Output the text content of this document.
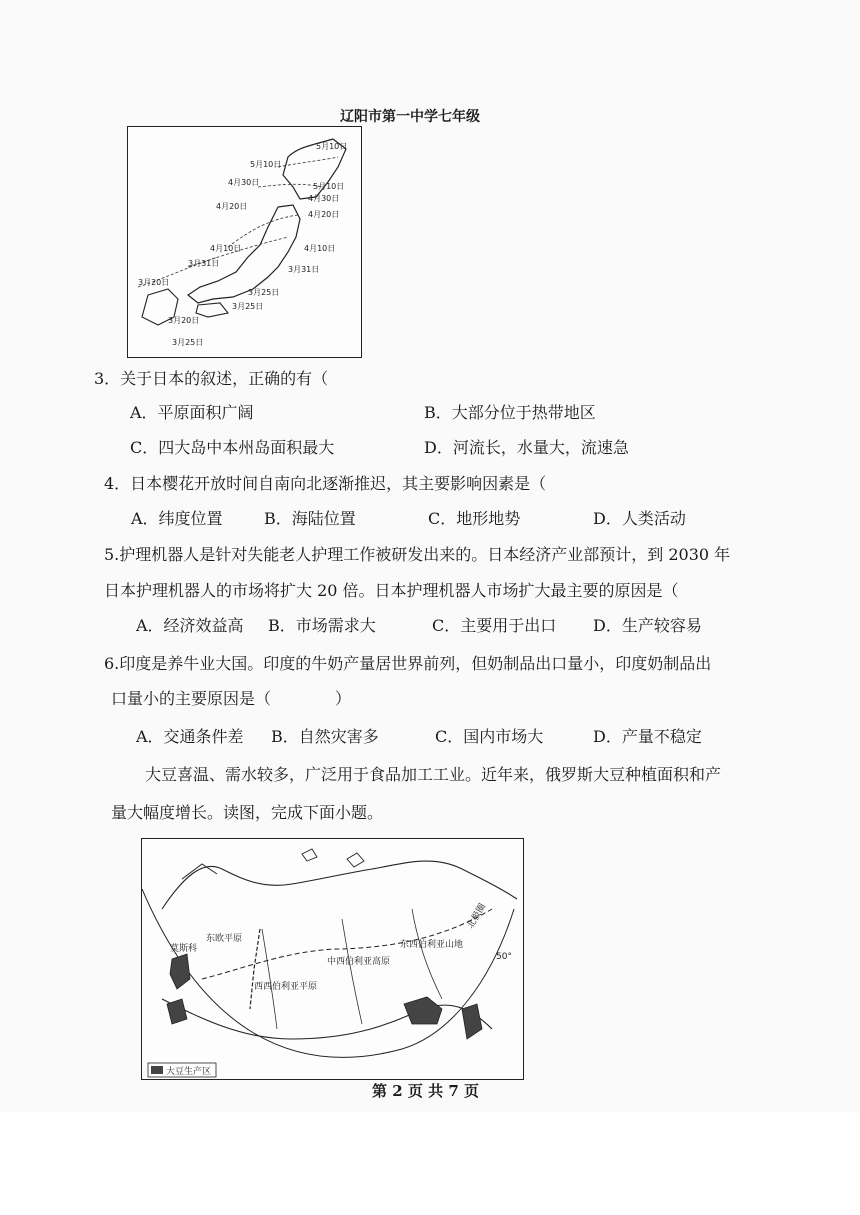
辽阳市第一中学七年级
5月10日
5月10日
4月30日	5月10日
4月30日
4月20日
4月20日
4月10日	4月10日
3月31日
3月31日
3月20日
3月25日
3月25日
3月20日
3月25日
3．关于日本的叙述，正确的有（
A．平原面积广阔	B．大部分位于热带地区
C．四大岛中本州岛面积最大	D．河流长，水量大，流速急
4．日本樱花开放时间自南向北逐渐推迟，其主要影响因素是（
A．纬度位置	B．海陆位置	C．地形地势	D．人类活动
5.护理机器人是针对失能老人护理工作被研发出来的。日本经济产业部预计，到 2030 年
日本护理机器人的市场将扩大 20 倍。日本护理机器人市场扩大最主要的原因是（
A．经济效益高 B．市场需求大	C．主要用于出口 D．生产较容易
6.印度是养牛业大国。印度的牛奶产量居世界前列，但奶制品出口量小，印度奶制品出
口量小的主要原因是（　　　　）
A．交通条件差 B．自然灾害多	C．国内市场大	D．产量不稳定
大豆喜温、需水较多，广泛用于食品加工工业。近年来，俄罗斯大豆种植面积和产
量大幅度增长。读图，完成下面小题。
东欧平原
莫斯科
西西伯利亚平原
中西伯利亚高原
东西伯利亚山地
北极圈
50°
大豆生产区
第 2 页 共 7 页
